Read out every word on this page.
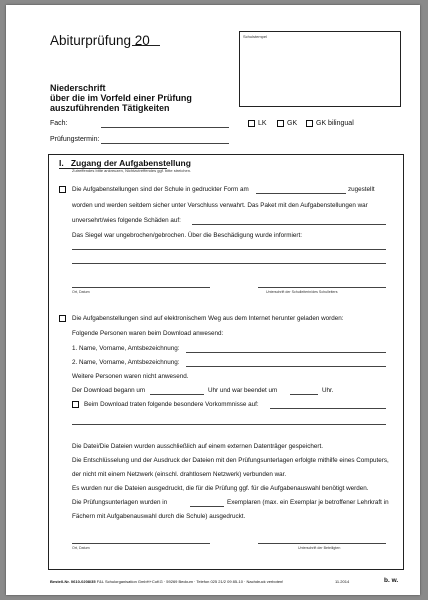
Abiturprüfung 20	Schulstempel
Niederschrift
über die im Vorfeld einer Prüfung
auszuführenden Tätigkeiten
Fach:	LK	GK	GK bilingual
Prüfungstermin:
I. Zugang der Aufgabenstellung
Zutreffendes bitte ankreuzen, Nichtzutreffendes ggf. bitte streichen.
Die Aufgabenstellungen sind der Schule in gedruckter Form am	zugestellt
worden und werden seitdem sicher unter Verschluss verwahrt. Das Paket mit den Aufgabenstellungen war
unversehrt/wies folgende Schäden auf:
Das Siegel war ungebrochen/gebrochen. Über die Beschädigung wurde informiert:
Ort, Datum	Unterschrift der Schulleiterin/des Schulleiters
Die Aufgabenstellungen sind auf elektronischem Weg aus dem Internet herunter geladen worden:
Folgende Personen waren beim Download anwesend:
1. Name, Vorname, Amtsbezeichnung:
2. Name, Vorname, Amtsbezeichnung:
Weitere Personen waren nicht anwesend.
Der Download begann um	Uhr und war beendet um	Uhr.
Beim Download traten folgende besondere Vorkommnisse auf:
Die Datei/Die Dateien wurden ausschließlich auf einem externen Datenträger gespeichert.
Die Entschlüsselung und der Ausdruck der Dateien mit den Prüfungsunterlagen erfolgte mithilfe eines Computers,
der nicht mit einem Netzwerk (einschl. drahtlosem Netzwerk) verbunden war.
Es wurden nur die Dateien ausgedruckt, die für die Prüfung ggf. für die Aufgabenauswahl benötigt werden.
Die Prüfungsunterlagen wurden in	Exemplaren (max. ein Exemplar je betroffener Lehrkraft in
Fächern mit Aufgabenauswahl durch die Schule) ausgedruckt.
Ort, Datum	Unterschrift der Beteiligten
Bestell-Nr. 0610-0208/35 F&L Schulorganisation GmbH+CoKG · 59269 Beckum · Telefon 025 21/2 09 85-10 · Nachdruck verboten!	11.2014	b. w.
